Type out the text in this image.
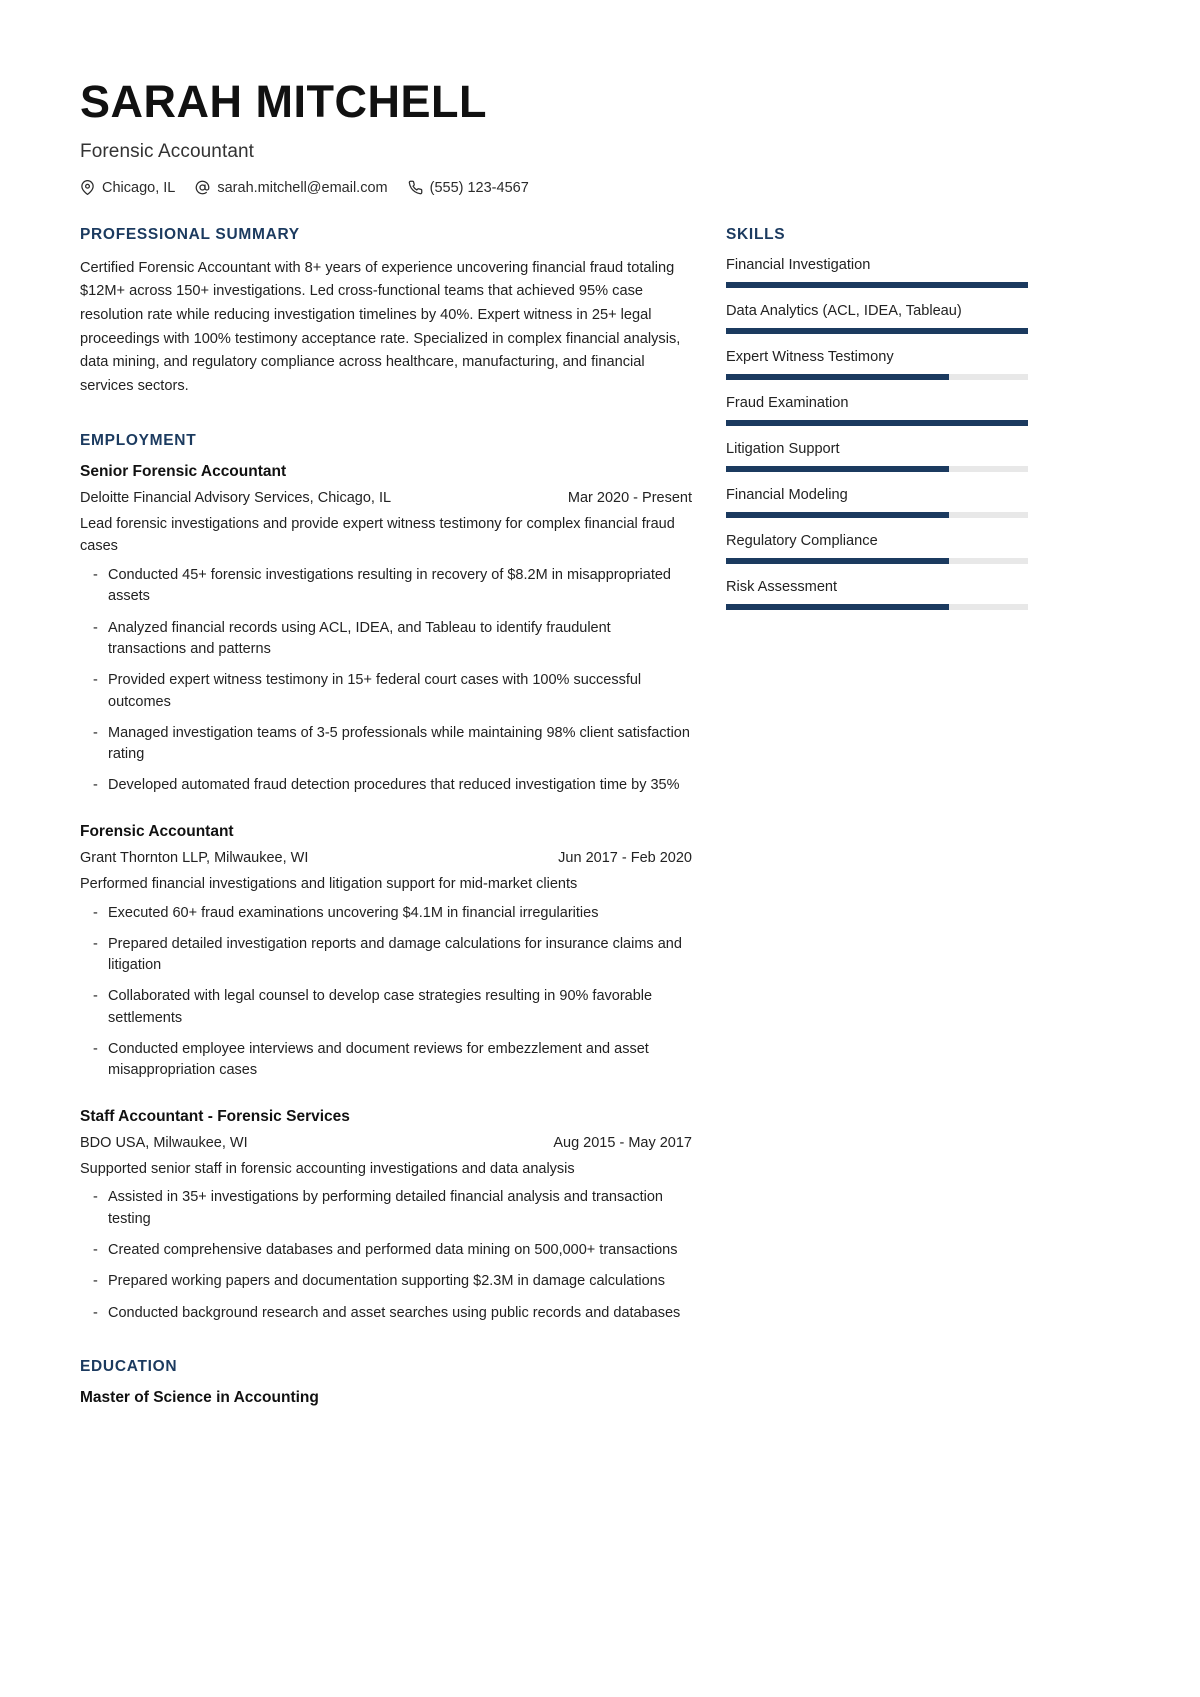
SARAH MITCHELL
Forensic Accountant
Chicago, IL	sarah.mitchell@email.com	(555) 123-4567
PROFESSIONAL SUMMARY
Certified Forensic Accountant with 8+ years of experience uncovering financial fraud totaling $12M+ across 150+ investigations. Led cross-functional teams that achieved 95% case resolution rate while reducing investigation timelines by 40%. Expert witness in 25+ legal proceedings with 100% testimony acceptance rate. Specialized in complex financial analysis, data mining, and regulatory compliance across healthcare, manufacturing, and financial services sectors.
EMPLOYMENT
Senior Forensic Accountant
Deloitte Financial Advisory Services, Chicago, IL	Mar 2020 - Present
Lead forensic investigations and provide expert witness testimony for complex financial fraud cases
- Conducted 45+ forensic investigations resulting in recovery of $8.2M in misappropriated assets
- Analyzed financial records using ACL, IDEA, and Tableau to identify fraudulent transactions and patterns
- Provided expert witness testimony in 15+ federal court cases with 100% successful outcomes
- Managed investigation teams of 3-5 professionals while maintaining 98% client satisfaction rating
- Developed automated fraud detection procedures that reduced investigation time by 35%
Forensic Accountant
Grant Thornton LLP, Milwaukee, WI	Jun 2017 - Feb 2020
Performed financial investigations and litigation support for mid-market clients
- Executed 60+ fraud examinations uncovering $4.1M in financial irregularities
- Prepared detailed investigation reports and damage calculations for insurance claims and litigation
- Collaborated with legal counsel to develop case strategies resulting in 90% favorable settlements
- Conducted employee interviews and document reviews for embezzlement and asset misappropriation cases
Staff Accountant - Forensic Services
BDO USA, Milwaukee, WI	Aug 2015 - May 2017
Supported senior staff in forensic accounting investigations and data analysis
- Assisted in 35+ investigations by performing detailed financial analysis and transaction testing
- Created comprehensive databases and performed data mining on 500,000+ transactions
- Prepared working papers and documentation supporting $2.3M in damage calculations
- Conducted background research and asset searches using public records and databases
EDUCATION
Master of Science in Accounting
SKILLS
Financial Investigation
Data Analytics (ACL, IDEA, Tableau)
Expert Witness Testimony
Fraud Examination
Litigation Support
Financial Modeling
Regulatory Compliance
Risk Assessment
